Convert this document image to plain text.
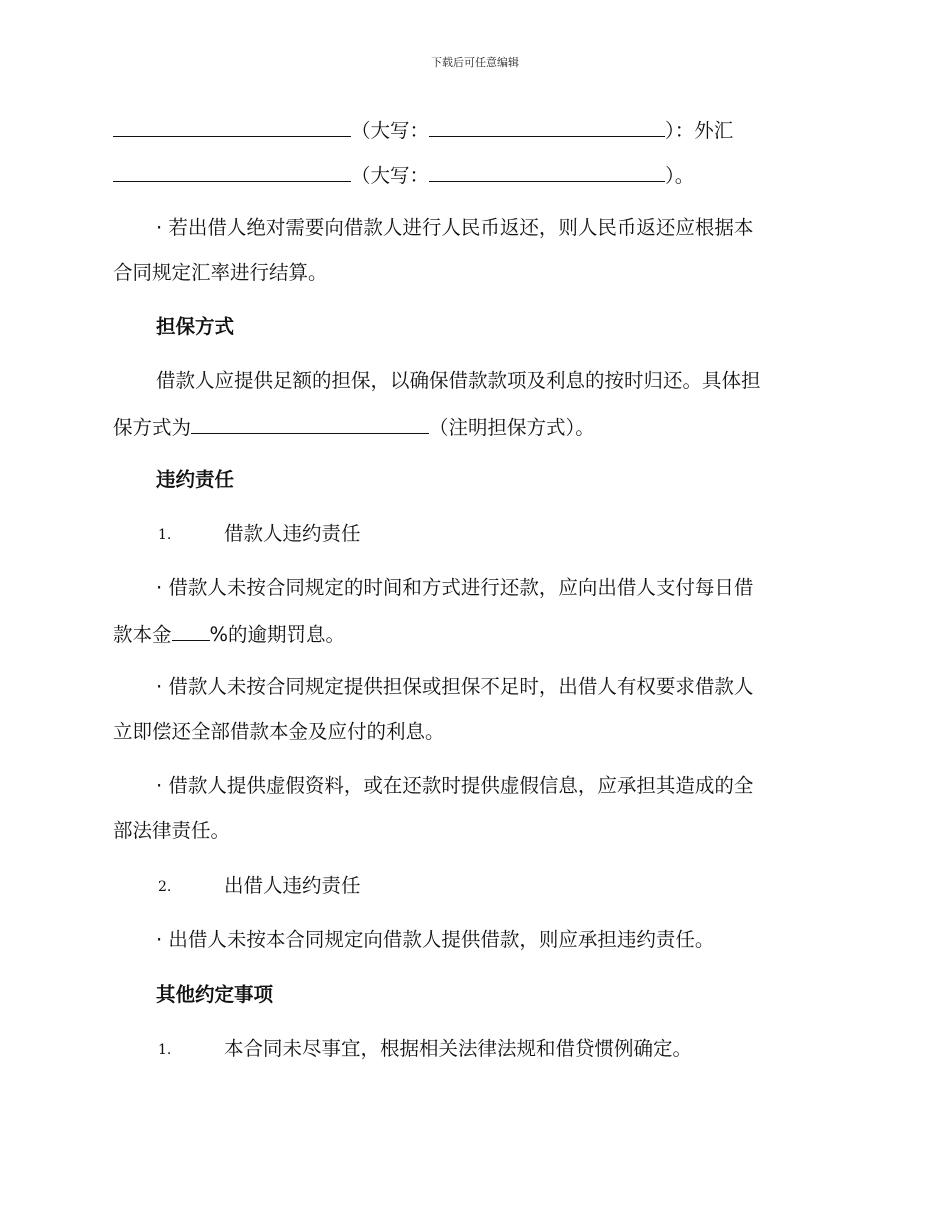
下载后可任意编辑
（大写：	）：外汇
（大写：	）。
· 若出借人绝对需要向借款人进行人民币返还，则人民币返还应根据本
合同规定汇率进行结算。
担保方式
借款人应提供足额的担保，以确保借款款项及利息的按时归还。具体担
保方式为	（注明担保方式）。
违约责任
1.	借款人违约责任
· 借款人未按合同规定的时间和方式进行还款，应向出借人支付每日借
款本金 %的逾期罚息。
· 借款人未按合同规定提供担保或担保不足时，出借人有权要求借款人
立即偿还全部借款本金及应付的利息。
· 借款人提供虚假资料，或在还款时提供虚假信息，应承担其造成的全
部法律责任。
2.	出借人违约责任
· 出借人未按本合同规定向借款人提供借款，则应承担违约责任。
其他约定事项
1.	本合同未尽事宜，根据相关法律法规和借贷惯例确定。
